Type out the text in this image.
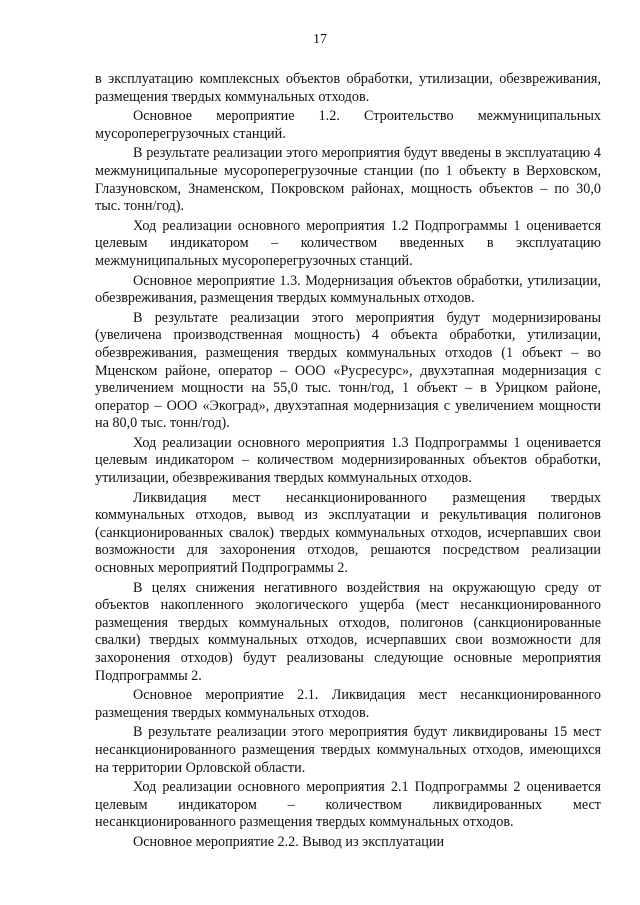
17

в эксплуатацию комплексных объектов обработки, утилизации, обезвреживания, размещения твердых коммунальных отходов.

Основное мероприятие 1.2. Строительство межмуниципальных мусороперегрузочных станций.

В результате реализации этого мероприятия будут введены в эксплуатацию 4 межмуниципальные мусороперегрузочные станции (по 1 объекту в Верховском, Глазуновском, Знаменском, Покровском районах, мощность объектов – по 30,0 тыс. тонн/год).

Ход реализации основного мероприятия 1.2 Подпрограммы 1 оценивается целевым индикатором – количеством введенных в эксплуатацию межмуниципальных мусороперегрузочных станций.

Основное мероприятие 1.3. Модернизация объектов обработки, утилизации, обезвреживания, размещения твердых коммунальных отходов.

В результате реализации этого мероприятия будут модернизированы (увеличена производственная мощность) 4 объекта обработки, утилизации, обезвреживания, размещения твердых коммунальных отходов (1 объект – во Мценском районе, оператор – ООО «Русресурс», двухэтапная модернизация с увеличением мощности на 55,0 тыс. тонн/год, 1 объект – в Урицком районе, оператор – ООО «Экоград», двухэтапная модернизация с увеличением мощности на 80,0 тыс. тонн/год).

Ход реализации основного мероприятия 1.3 Подпрограммы 1 оценивается целевым индикатором – количеством модернизированных объектов обработки, утилизации, обезвреживания твердых коммунальных отходов.

Ликвидация мест несанкционированного размещения твердых коммунальных отходов, вывод из эксплуатации и рекультивация полигонов (санкционированных свалок) твердых коммунальных отходов, исчерпавших свои возможности для захоронения отходов, решаются посредством реализации основных мероприятий Подпрограммы 2.

В целях снижения негативного воздействия на окружающую среду от объектов накопленного экологического ущерба (мест несанкционированного размещения твердых коммунальных отходов, полигонов (санкционированные свалки) твердых коммунальных отходов, исчерпавших свои возможности для захоронения отходов) будут реализованы следующие основные мероприятия Подпрограммы 2.

Основное мероприятие 2.1. Ликвидация мест несанкционированного размещения твердых коммунальных отходов.

В результате реализации этого мероприятия будут ликвидированы 15 мест несанкционированного размещения твердых коммунальных отходов, имеющихся на территории Орловской области.

Ход реализации основного мероприятия 2.1 Подпрограммы 2 оценивается целевым индикатором – количеством ликвидированных мест несанкционированного размещения твердых коммунальных отходов.

Основное мероприятие 2.2. Вывод из эксплуатации
